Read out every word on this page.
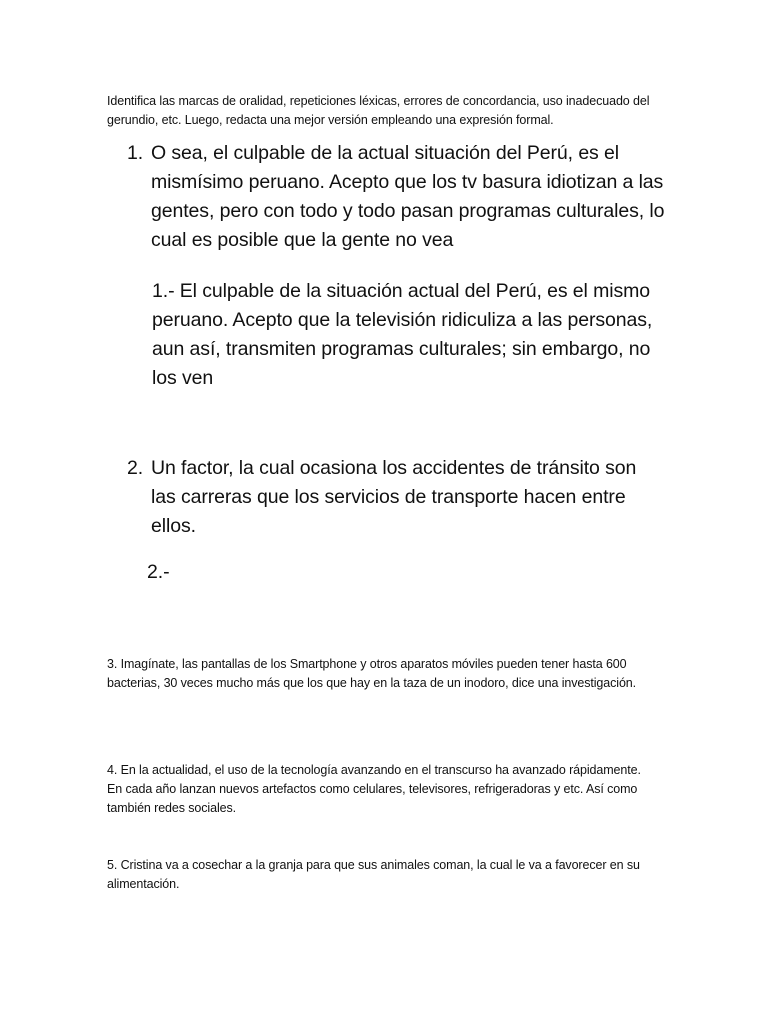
Identifica las marcas de oralidad, repeticiones léxicas, errores de concordancia, uso inadecuado del gerundio, etc. Luego, redacta una mejor versión empleando una expresión formal.
1. O sea, el culpable de la actual situación del Perú, es el mismísimo peruano. Acepto que los tv basura idiotizan a las gentes, pero con todo y todo pasan programas culturales, lo cual es posible que la gente no vea
1.- El culpable de la situación actual del Perú, es el mismo peruano. Acepto que la televisión ridiculiza a las personas, aun así, transmiten programas culturales; sin embargo, no los ven
2. Un factor, la cual ocasiona los accidentes de tránsito son las carreras que los servicios de transporte hacen entre ellos.
2.-
3. Imagínate, las pantallas de los Smartphone y otros aparatos móviles pueden tener hasta 600 bacterias, 30 veces mucho más que los que hay en la taza de un inodoro, dice una investigación.
4. En la actualidad, el uso de la tecnología avanzando en el transcurso ha avanzado rápidamente. En cada año lanzan nuevos artefactos como celulares, televisores, refrigeradoras y etc. Así como también redes sociales.
5. Cristina va a cosechar a la granja para que sus animales coman, la cual le va a favorecer en su alimentación.
